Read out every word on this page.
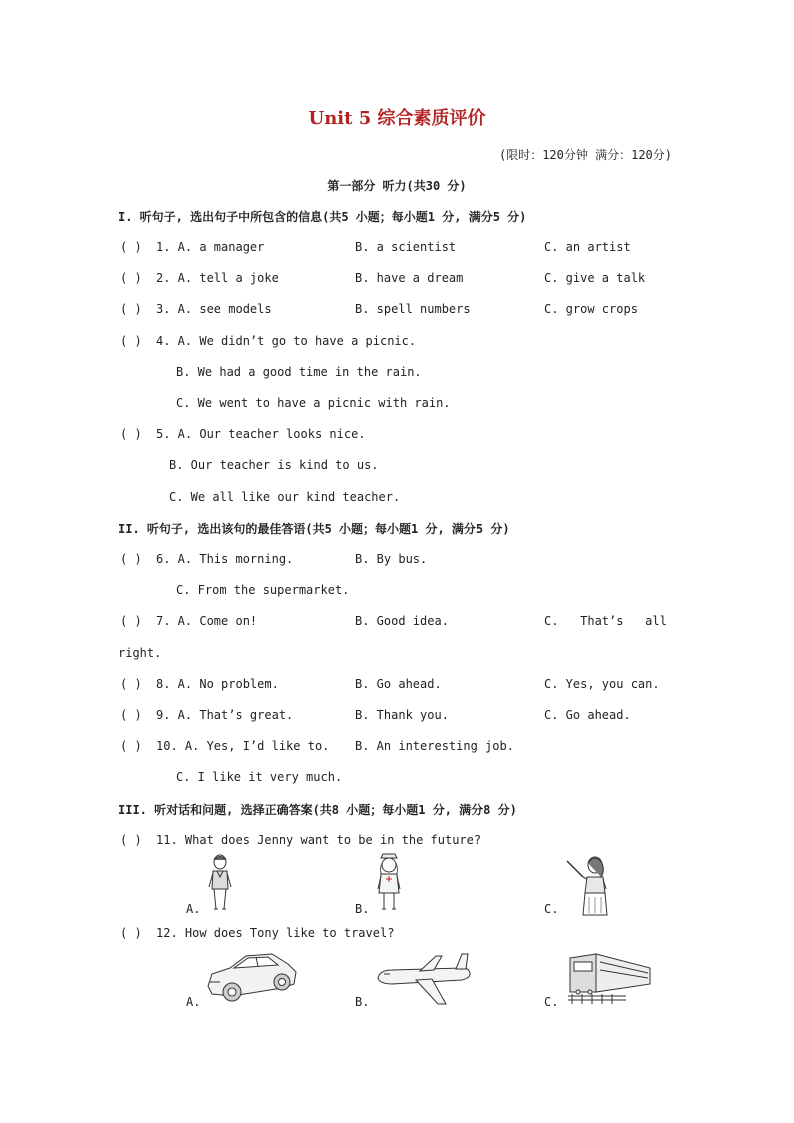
Unit 5 综合素质评价
(限时：120分钟 满分：120分)
第一部分 听力(共30 分)
I. 听句子, 选出句子中所包含的信息(共5 小题；每小题1 分, 满分5 分)
( ) 1. A. a manager	B. a scientist	C. an artist
( ) 2. A. tell a joke	B. have a dream	C. give a talk
( ) 3. A. see models	B. spell numbers	C. grow crops
( ) 4. A. We didn’t go to have a picnic.
B. We had a good time in the rain.
C. We went to have a picnic with rain.
( ) 5. A. Our teacher looks nice.
B. Our teacher is kind to us.
C. We all like our kind teacher.
II. 听句子, 选出该句的最佳答语(共5 小题；每小题1 分, 满分5 分)
( ) 6. A. This morning.	B. By bus.
C. From the supermarket.
( ) 7. A. Come on!	B. Good idea.	C.   That’s   all
right.
( ) 8. A. No problem.	B. Go ahead.	C. Yes, you can.
( ) 9. A. That’s great.	B. Thank you.	C. Go ahead.
( ) 10. A. Yes, I’d like to. B. An interesting job.
C. I like it very much.
III. 听对话和问题, 选择正确答案(共8 小题；每小题1 分, 满分8 分)
( ) 11. What does Jenny want to be in the future?
A.	B.	C.
( ) 12. How does Tony like to travel?
A.	B.	C.
